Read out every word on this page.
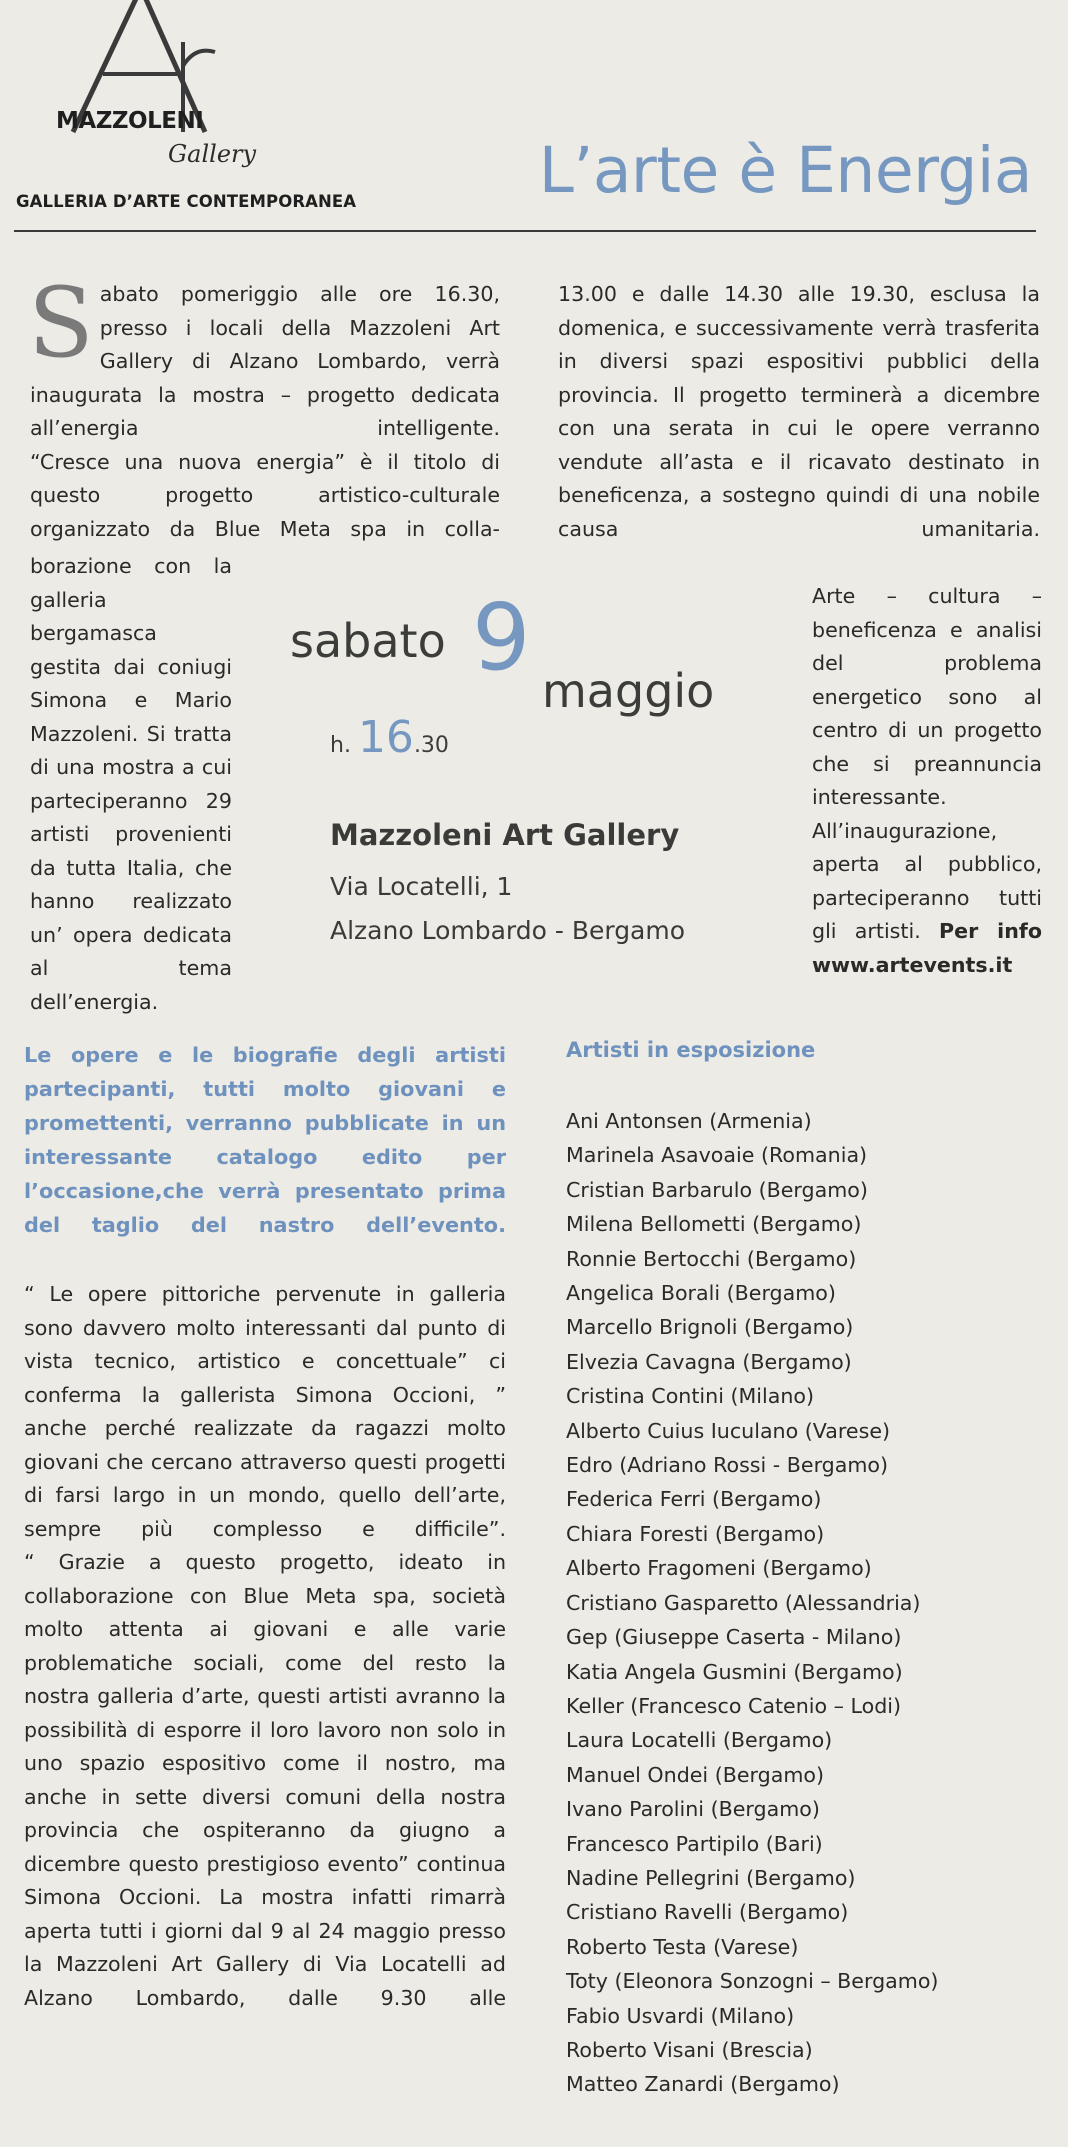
MAZZOLENI
Gallery
GALLERIA D’ARTE CONTEMPORANEA	L’arte è Energia
S abato pomeriggio alle ore 16.30, presso i locali della Mazzoleni Art Gallery di Alzano Lombardo, verrà inaugurata la mostra – progetto dedicata all’energia intelligente.

“Cresce una nuova energia” è il titolo di questo progetto artistico-culturale organizzato da Blue Meta spa in colla-

borazione con la galleria bergamasca gestita dai coniugi Simona e Mario Mazzoleni. Si tratta di una mostra a cui parteciperanno 29 artisti provenienti da tutta Italia, che hanno realizzato un’ opera dedicata al tema dell’energia.

13.00 e dalle 14.30 alle 19.30, esclusa la domenica, e successivamente verrà trasferita in diversi spazi espositivi pubblici della provincia. Il progetto terminerà a dicembre con una serata in cui le opere verranno vendute all’asta e il ricavato destinato in beneficenza, a sostegno quindi di una nobile causa umanitaria.

Arte – cultura – beneficenza e analisi del problema energetico sono al centro di un progetto che si preannuncia interessante. All’inaugurazione, aperta al pubblico, parteciperanno tutti gli artisti. Per info www.artevents.it

sabato 9 maggio
h. 16.30
Mazzoleni Art Gallery
Via Locatelli, 1
Alzano Lombardo - Bergamo

Le opere e le biografie degli artisti partecipanti, tutti molto giovani e promettenti, verranno pubblicate in un interessante catalogo edito per l’occasione,che verrà presentato prima del taglio del nastro dell’evento.

“ Le opere pittoriche pervenute in galleria sono davvero molto interessanti dal punto di vista tecnico, artistico e concettuale” ci conferma la gallerista Simona Occioni, ” anche perché realizzate da ragazzi molto giovani che cercano attraverso questi progetti di farsi largo in un mondo, quello dell’arte, sempre più complesso e difficile”.

“ Grazie a questo progetto, ideato in collaborazione con Blue Meta spa, società molto attenta ai giovani e alle varie problematiche sociali, come del resto la nostra galleria d’arte, questi artisti avranno la possibilità di esporre il loro lavoro non solo in uno spazio espositivo come il nostro, ma anche in sette diversi comuni della nostra provincia che ospiteranno da giugno a dicembre questo prestigioso evento” continua Simona Occioni. La mostra infatti rimarrà aperta tutti i giorni dal 9 al 24 maggio presso la Mazzoleni Art Gallery di Via Locatelli ad Alzano Lombardo, dalle 9.30 alle

Artisti in esposizione
Ani Antonsen (Armenia)
Marinela Asavoaie (Romania)
Cristian Barbarulo (Bergamo)
Milena Bellometti (Bergamo)
Ronnie Bertocchi (Bergamo)
Angelica Borali (Bergamo)
Marcello Brignoli (Bergamo)
Elvezia Cavagna (Bergamo)
Cristina Contini (Milano)
Alberto Cuius Iuculano (Varese)
Edro (Adriano Rossi - Bergamo)
Federica Ferri (Bergamo)
Chiara Foresti (Bergamo)
Alberto Fragomeni (Bergamo)
Cristiano Gasparetto (Alessandria)
Gep (Giuseppe Caserta - Milano)
Katia Angela Gusmini (Bergamo)
Keller (Francesco Catenio – Lodi)
Laura Locatelli (Bergamo)
Manuel Ondei (Bergamo)
Ivano Parolini (Bergamo)
Francesco Partipilo (Bari)
Nadine Pellegrini (Bergamo)
Cristiano Ravelli (Bergamo)
Roberto Testa (Varese)
Toty (Eleonora Sonzogni – Bergamo)
Fabio Usvardi (Milano)
Roberto Visani (Brescia)
Matteo Zanardi (Bergamo)
